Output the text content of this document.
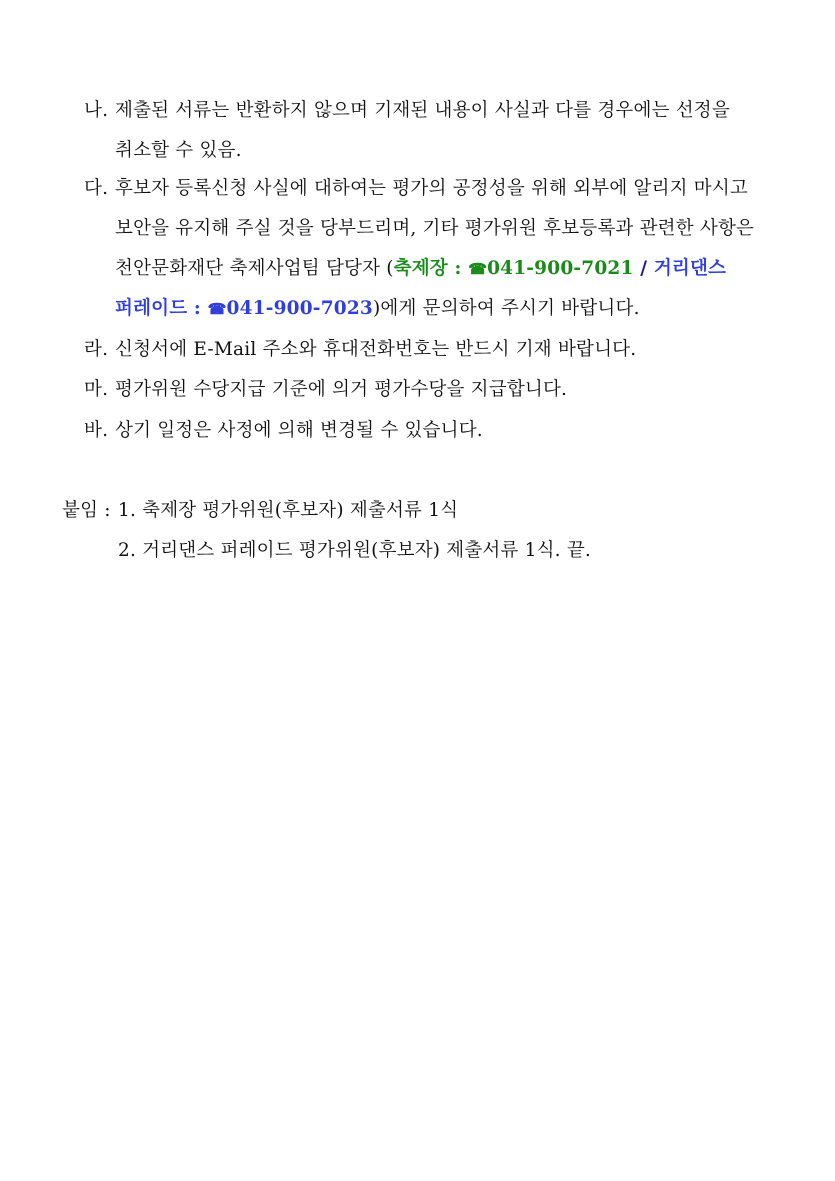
나. 제출된 서류는 반환하지 않으며 기재된 내용이 사실과 다를 경우에는 선정을
취소할 수 있음.
다. 후보자 등록신청 사실에 대하여는 평가의 공정성을 위해 외부에 알리지 마시고
보안을 유지해 주실 것을 당부드리며, 기타 평가위원 후보등록과 관련한 사항은
천안문화재단 축제사업팀 담당자 (축제장 : ☎041-900-7021 / 거리댄스
퍼레이드 : ☎041-900-7023)에게 문의하여 주시기 바랍니다.
라. 신청서에 E-Mail 주소와 휴대전화번호는 반드시 기재 바랍니다.
마. 평가위원 수당지급 기준에 의거 평가수당을 지급합니다.
바. 상기 일정은 사정에 의해 변경될 수 있습니다.
붙임 : 1. 축제장 평가위원(후보자) 제출서류 1식
2. 거리댄스 퍼레이드 평가위원(후보자) 제출서류 1식. 끝.
